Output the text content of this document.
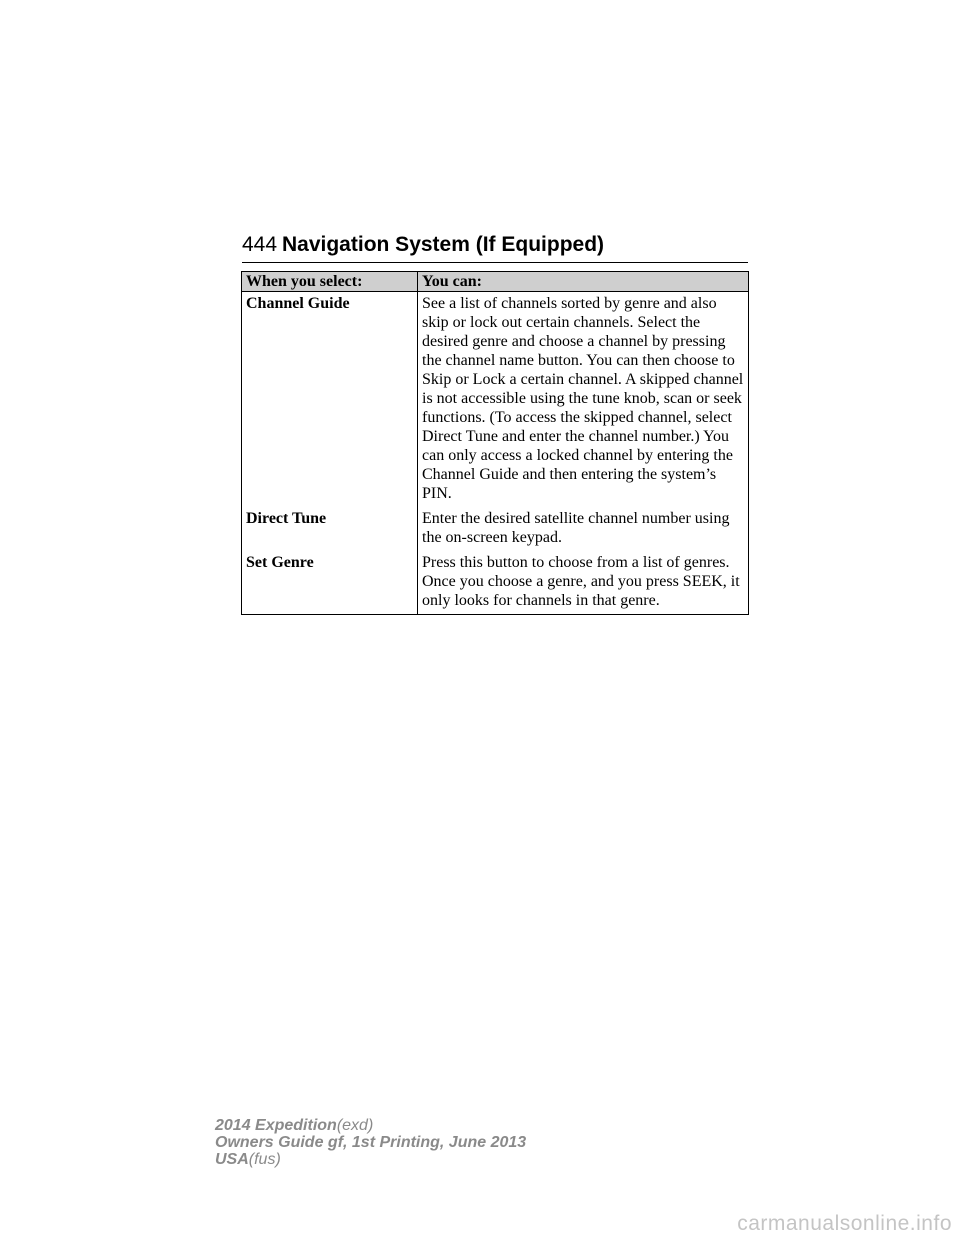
444 Navigation System (If Equipped)
When you select:	You can:
Channel Guide	See a list of channels sorted by genre and also skip or lock out certain channels. Select the desired genre and choose a channel by pressing the channel name button. You can then choose to Skip or Lock a certain channel. A skipped channel is not accessible using the tune knob, scan or seek functions. (To access the skipped channel, select Direct Tune and enter the channel number.) You can only access a locked channel by entering the Channel Guide and then entering the system’s PIN.
Direct Tune	Enter the desired satellite channel number using the on-screen keypad.
Set Genre	Press this button to choose from a list of genres. Once you choose a genre, and you press SEEK, it only looks for channels in that genre.
2014 Expedition(exd)
Owners Guide gf, 1st Printing, June 2013
USA(fus)
carmanualsonline.info
